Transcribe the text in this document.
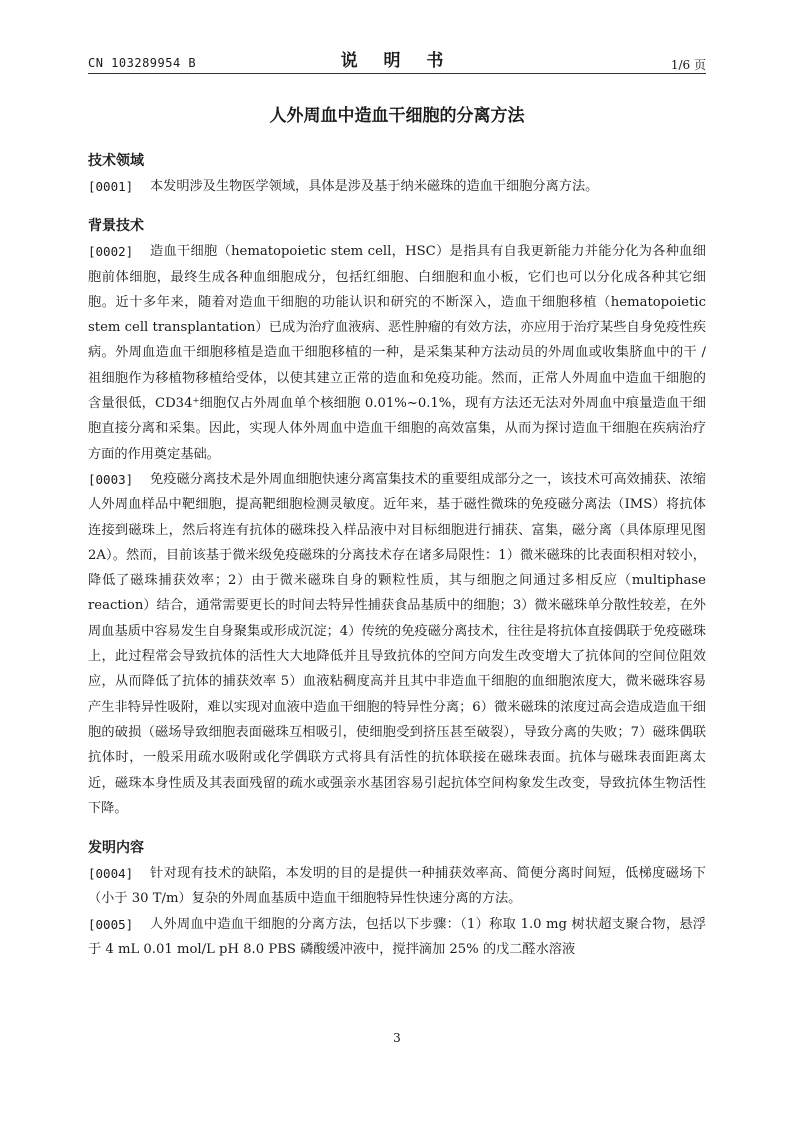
CN 103289954 B	说 明 书	1/6 页
人外周血中造血干细胞的分离方法
技术领域
[0001] 本发明涉及生物医学领域，具体是涉及基于纳米磁珠的造血干细胞分离方法。
背景技术
[0002] 造血干细胞（hematopoietic stem cell，HSC）是指具有自我更新能力并能分化为各种血细胞前体细胞，最终生成各种血细胞成分，包括红细胞、白细胞和血小板，它们也可以分化成各种其它细胞。近十多年来，随着对造血干细胞的功能认识和研究的不断深入，造血干细胞移植（hematopoietic stem cell transplantation）已成为治疗血液病、恶性肿瘤的有效方法，亦应用于治疗某些自身免疫性疾病。外周血造血干细胞移植是造血干细胞移植的一种，是采集某种方法动员的外周血或收集脐血中的干 / 祖细胞作为移植物移植给受体，以使其建立正常的造血和免疫功能。然而，正常人外周血中造血干细胞的含量很低，CD34⁺细胞仅占外周血单个核细胞 0.01%~0.1%，现有方法还无法对外周血中痕量造血干细胞直接分离和采集。因此，实现人体外周血中造血干细胞的高效富集，从而为探讨造血干细胞在疾病治疗方面的作用奠定基础。
[0003] 免疫磁分离技术是外周血细胞快速分离富集技术的重要组成部分之一，该技术可高效捕获、浓缩人外周血样品中靶细胞，提高靶细胞检测灵敏度。近年来，基于磁性微珠的免疫磁分离法（IMS）将抗体连接到磁珠上，然后将连有抗体的磁珠投入样品液中对目标细胞进行捕获、富集，磁分离（具体原理见图 2A）。然而，目前该基于微米级免疫磁珠的分离技术存在诸多局限性：1）微米磁珠的比表面积相对较小，降低了磁珠捕获效率；2）由于微米磁珠自身的颗粒性质，其与细胞之间通过多相反应（multiphase reaction）结合，通常需要更长的时间去特异性捕获食品基质中的细胞；3）微米磁珠单分散性较差，在外周血基质中容易发生自身聚集或形成沉淀；4）传统的免疫磁分离技术，往往是将抗体直接偶联于免疫磁珠上，此过程常会导致抗体的活性大大地降低并且导致抗体的空间方向发生改变增大了抗体间的空间位阻效应，从而降低了抗体的捕获效率 5）血液粘稠度高并且其中非造血干细胞的血细胞浓度大，微米磁珠容易产生非特异性吸附，难以实现对血液中造血干细胞的特异性分离；6）微米磁珠的浓度过高会造成造血干细胞的破损（磁场导致细胞表面磁珠互相吸引，使细胞受到挤压甚至破裂），导致分离的失败；7）磁珠偶联抗体时，一般采用疏水吸附或化学偶联方式将具有活性的抗体联接在磁珠表面。抗体与磁珠表面距离太近，磁珠本身性质及其表面残留的疏水或强亲水基团容易引起抗体空间构象发生改变，导致抗体生物活性下降。
发明内容
[0004] 针对现有技术的缺陷，本发明的目的是提供一种捕获效率高、简便分离时间短，低梯度磁场下（小于 30 T/m）复杂的外周血基质中造血干细胞特异性快速分离的方法。
[0005] 人外周血中造血干细胞的分离方法，包括以下步骤：（1）称取 1.0 mg 树状超支聚合物，悬浮于 4 mL 0.01 mol/L pH 8.0 PBS 磷酸缓冲液中，搅拌滴加 25% 的戊二醛水溶液
3
